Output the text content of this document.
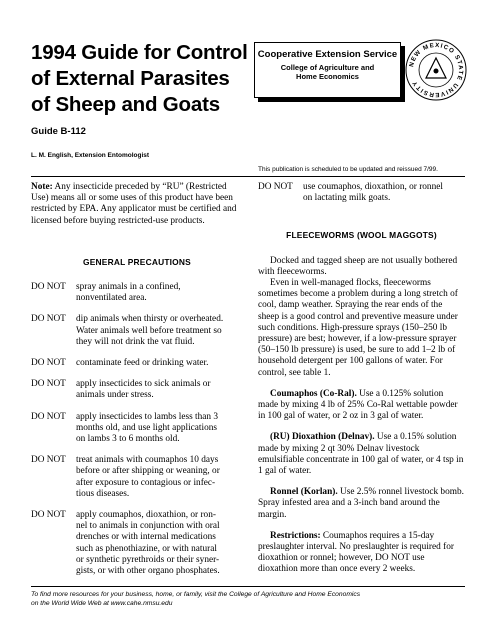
1994 Guide for Control
of External Parasites
of Sheep and Goats
Cooperative Extension Service
College of Agriculture and
Home Economics
NEW MEXICO STATE UNIVERSITY
Guide B-112
L. M. English, Extension Entomologist
This publication is scheduled to be updated and reissued 7/99.

Note: Any insecticide preceded by “RU” (Restricted Use) means all or some uses of this product have been restricted by EPA. Any applicator must be certified and licensed before buying restricted-use products.

GENERAL PRECAUTIONS
DO NOT	spray animals in a confined,
nonventilated area.
DO NOT	dip animals when thirsty or overheated.
Water animals well before treatment so
they will not drink the vat fluid.
DO NOT	contaminate feed or drinking water.
DO NOT	apply insecticides to sick animals or
animals under stress.
DO NOT	apply insecticides to lambs less than 3
months old, and use light applications
on lambs 3 to 6 months old.
DO NOT	treat animals with coumaphos 10 days
before or after shipping or weaning, or
after exposure to contagious or infec-
tious diseases.
DO NOT	apply coumaphos, dioxathion, or ron-
nel to animals in conjunction with oral
drenches or with internal medications
such as phenothiazine, or with natural
or synthetic pyrethroids or their syner-
gists, or with other organo phosphates.
DO NOT	use coumaphos, dioxathion, or ronnel
on lactating milk goats.
FLEECEWORMS (WOOL MAGGOTS)

Docked and tagged sheep are not usually bothered with fleeceworms.

Even in well-managed flocks, fleeceworms sometimes become a problem during a long stretch of cool, damp weather. Spraying the rear ends of the sheep is a good control and preventive measure under such conditions. High-pressure sprays (150–250 lb pressure) are best; however, if a low-pressure sprayer (50–150 lb pressure) is used, be sure to add 1–2 lb of household detergent per 100 gallons of water. For control, see table 1.

Coumaphos (Co-Ral). Use a 0.125% solution made by mixing 4 lb of 25% Co-Ral wettable powder in 100 gal of water, or 2 oz in 3 gal of water.

(RU) Dioxathion (Delnav). Use a 0.15% solution made by mixing 2 qt 30% Delnav livestock emulsifiable concentrate in 100 gal of water, or 4 tsp in 1 gal of water.

Ronnel (Korlan). Use 2.5% ronnel livestock bomb. Spray infested area and a 3-inch band around the margin.

Restrictions: Coumaphos requires a 15-day preslaughter interval. No preslaughter is required for dioxathion or ronnel; however, DO NOT use dioxathion more than once every 2 weeks.

To find more resources for your business, home, or family, visit the College of Agriculture and Home Economics
on the World Wide Web at www.cahe.nmsu.edu
